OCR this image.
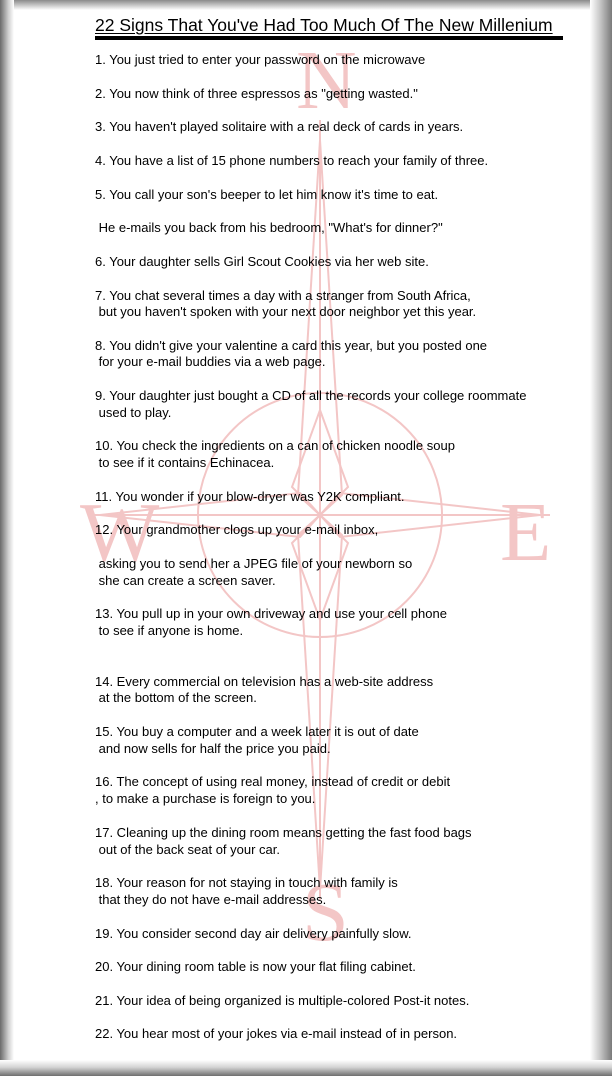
N
E
S
W
22 Signs That You've Had Too Much Of The New Millenium
1. You just tried to enter your password on the microwave
2. You now think of three espressos as "getting wasted."
3. You haven't played solitaire with a real deck of cards in years.
4. You have a list of 15 phone numbers to reach your family of three.
5. You call your son's beeper to let him know it's time to eat.
He e-mails you back from his bedroom, "What's for dinner?"
6. Your daughter sells Girl Scout Cookies via her web site.
7. You chat several times a day with a stranger from South Africa,
but you haven't spoken with your next door neighbor yet this year.
8. You didn't give your valentine a card this year, but you posted one
for your e-mail buddies via a web page.
9. Your daughter just bought a CD of all the records your college roommate
used to play.
10. You check the ingredients on a can of chicken noodle soup
to see if it contains Echinacea.
11. You wonder if your blow-dryer was Y2K compliant.
12. Your grandmother clogs up your e-mail inbox,
asking you to send her a JPEG file of your newborn so
she can create a screen saver.
13. You pull up in your own driveway and use your cell phone
to see if anyone is home.
14. Every commercial on television has a web-site address
at the bottom of the screen.
15. You buy a computer and a week later it is out of date
and now sells for half the price you paid.
16. The concept of using real money, instead of credit or debit
, to make a purchase is foreign to you.
17. Cleaning up the dining room means getting the fast food bags
out of the back seat of your car.
18. Your reason for not staying in touch with family is
that they do not have e-mail addresses.
19. You consider second day air delivery painfully slow.
20. Your dining room table is now your flat filing cabinet.
21. Your idea of being organized is multiple-colored Post-it notes.
22. You hear most of your jokes via e-mail instead of in person.
